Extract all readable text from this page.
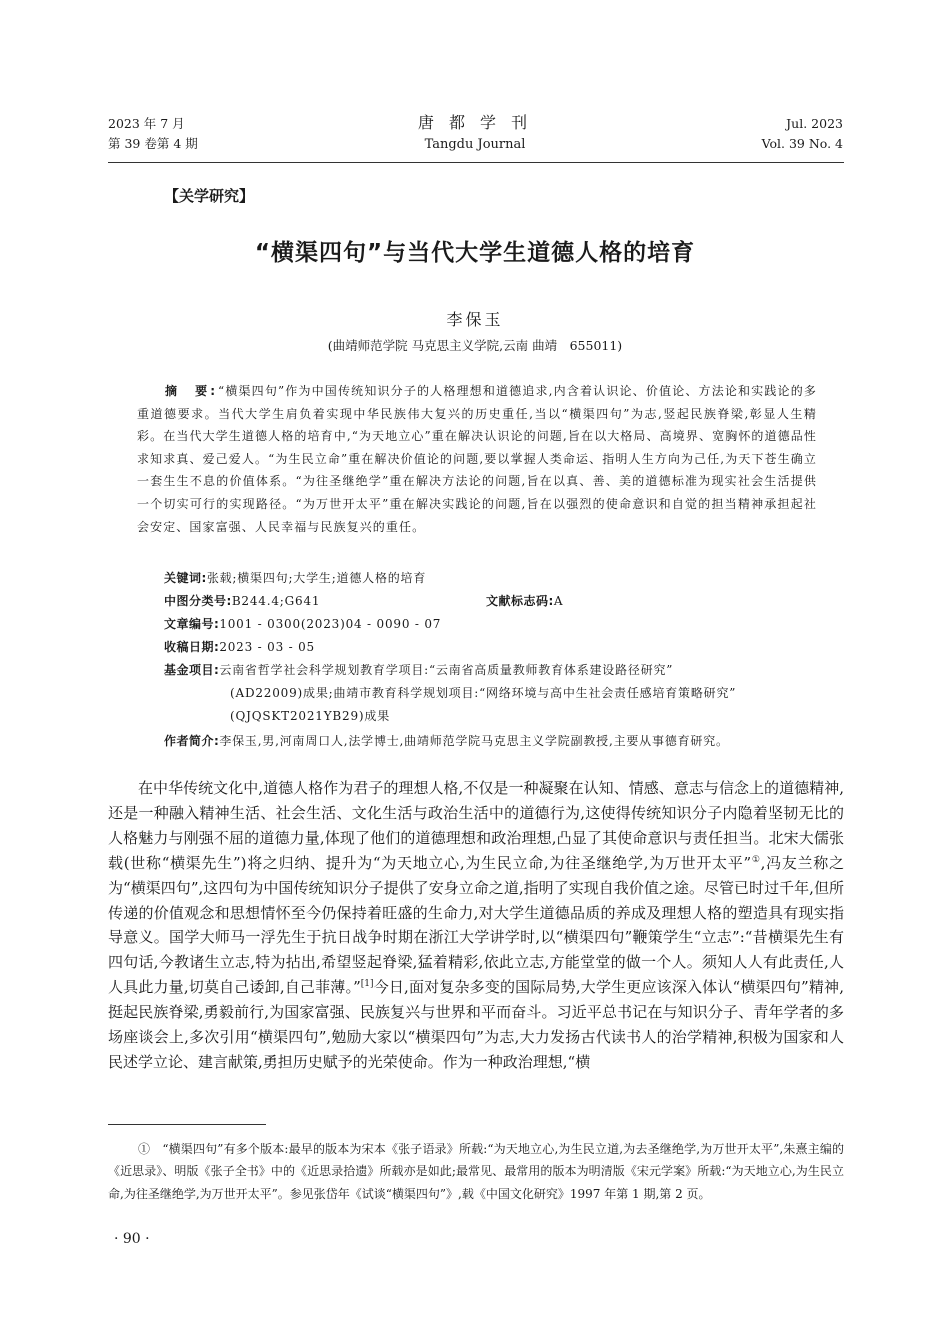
2023 年 7 月
第 39 卷第 4 期
唐 都 学 刊
Tangdu Journal
Jul. 2023
Vol. 39 No. 4
【关学研究】
“横渠四句”与当代大学生道德人格的培育
李保玉
(曲靖师范学院 马克思主义学院,云南 曲靖　655011)
摘　要:“横渠四句”作为中国传统知识分子的人格理想和道德追求,内含着认识论、价值论、方法论和实践论的多重道德要求。当代大学生肩负着实现中华民族伟大复兴的历史重任,当以“横渠四句”为志,竖起民族脊梁,彰显人生精彩。在当代大学生道德人格的培育中,“为天地立心”重在解决认识论的问题,旨在以大格局、高境界、宽胸怀的道德品性求知求真、爱己爱人。“为生民立命”重在解决价值论的问题,要以掌握人类命运、指明人生方向为己任,为天下苍生确立一套生生不息的价值体系。“为往圣继绝学”重在解决方法论的问题,旨在以真、善、美的道德标准为现实社会生活提供一个切实可行的实现路径。“为万世开太平”重在解决实践论的问题,旨在以强烈的使命意识和自觉的担当精神承担起社会安定、国家富强、人民幸福与民族复兴的重任。
关键词:张载;横渠四句;大学生;道德人格的培育
中图分类号:B244.4;G641	文献标志码:A
文章编号:1001 - 0300(2023)04 - 0090 - 07
收稿日期:2023 - 03 - 05
基金项目:云南省哲学社会科学规划教育学项目:“云南省高质量教师教育体系建设路径研究”
(AD22009)成果;曲靖市教育科学规划项目:“网络环境与高中生社会责任感培育策略研究”
(QJQSKT2021YB29)成果
作者简介:李保玉,男,河南周口人,法学博士,曲靖师范学院马克思主义学院副教授,主要从事德育研究。
在中华传统文化中,道德人格作为君子的理想人格,不仅是一种凝聚在认知、情感、意志与信念上的道德精神,还是一种融入精神生活、社会生活、文化生活与政治生活中的道德行为,这使得传统知识分子内隐着坚韧无比的人格魅力与刚强不屈的道德力量,体现了他们的道德理想和政治理想,凸显了其使命意识与责任担当。北宋大儒张载(世称“横渠先生”)将之归纳、提升为“为天地立心,为生民立命,为往圣继绝学,为万世开太平”①,冯友兰称之为“横渠四句”,这四句为中国传统知识分子提供了安身立命之道,指明了实现自我价值之途。尽管已时过千年,但所传递的价值观念和思想情怀至今仍保持着旺盛的生命力,对大学生道德品质的养成及理想人格的塑造具有现实指导意义。国学大师马一浮先生于抗日战争时期在浙江大学讲学时,以“横渠四句”鞭策学生“立志”:“昔横渠先生有四句话,今教诸生立志,特为拈出,希望竖起脊梁,猛着精彩,依此立志,方能堂堂的做一个人。须知人人有此责任,人人具此力量,切莫自己诿卸,自己菲薄。”[1]今日,面对复杂多变的国际局势,大学生更应该深入体认“横渠四句”精神,挺起民族脊梁,勇毅前行,为国家富强、民族复兴与世界和平而奋斗。习近平总书记在与知识分子、青年学者的多场座谈会上,多次引用“横渠四句”,勉励大家以“横渠四句”为志,大力发扬古代读书人的治学精神,积极为国家和人民述学立论、建言献策,勇担历史赋予的光荣使命。作为一种政治理想,“横
①　 “横渠四句”有多个版本:最早的版本为宋本《张子语录》所载:“为天地立心,为生民立道,为去圣继绝学,为万世开太平”,朱熹主编的《近思录》、明版《张子全书》中的《近思录拾遗》所载亦是如此;最常见、最常用的版本为明清版《宋元学案》所载:“为天地立心,为生民立命,为往圣继绝学,为万世开太平”。参见张岱年《试谈“横渠四句”》,载《中国文化研究》1997 年第 1 期,第 2 页。
· 90 ·
